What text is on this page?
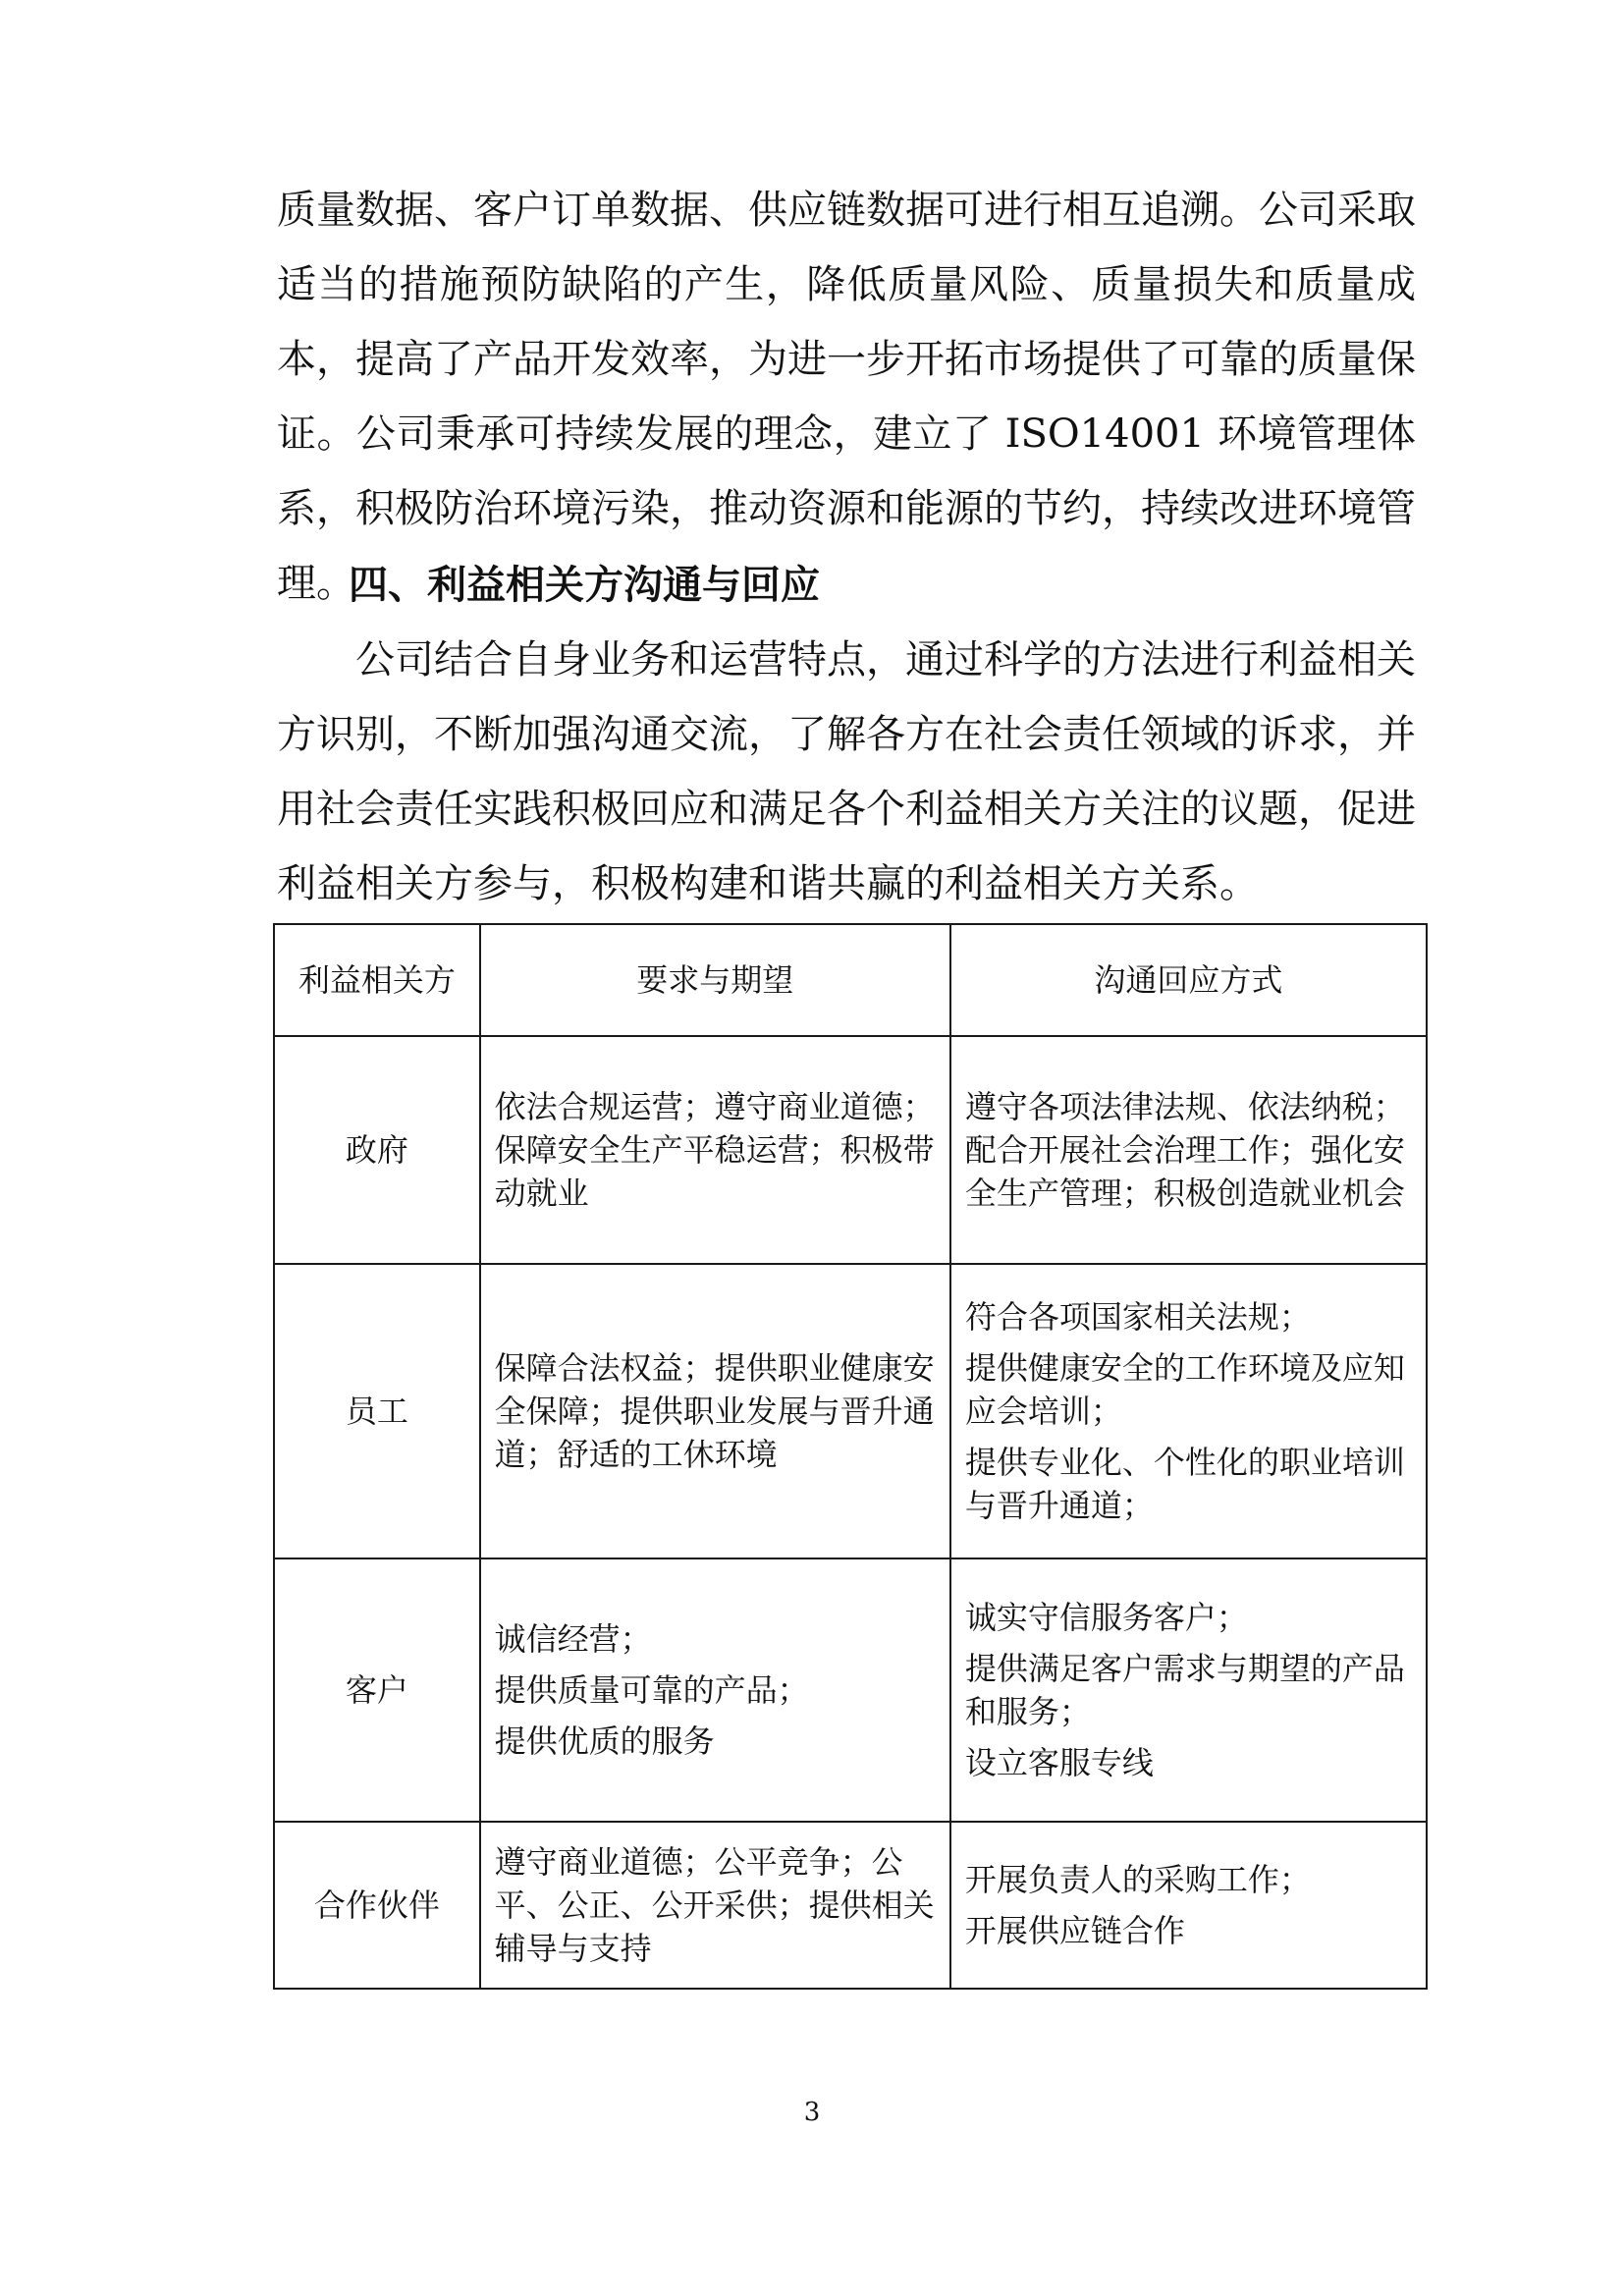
质量数据、客户订单数据、供应链数据可进行相互追溯。公司采取适当的措施预防缺陷的产生，降低质量风险、质量损失和质量成本，提高了产品开发效率，为进一步开拓市场提供了可靠的质量保证。公司秉承可持续发展的理念，建立了 ISO14001 环境管理体系，积极防治环境污染，推动资源和能源的节约，持续改进环境管理。

四、利益相关方沟通与回应

公司结合自身业务和运营特点，通过科学的方法进行利益相关方识别，不断加强沟通交流，了解各方在社会责任领域的诉求，并用社会责任实践积极回应和满足各个利益相关方关注的议题，促进利益相关方参与，积极构建和谐共赢的利益相关方关系。

利益相关方	要求与期望	沟通回应方式
政府	依法合规运营；遵守商业道德；保障安全生产平稳运营；积极带动就业	遵守各项法律法规、依法纳税；配合开展社会治理工作；强化安全生产管理；积极创造就业机会

员工	保障合法权益；提供职业健康安全保障；提供职业发展与晋升通道；舒适的工休环境	符合各项国家相关法规；
提供健康安全的工作环境及应知应会培训；
提供专业化、个性化的职业培训与晋升通道；

客户	诚信经营；
提供质量可靠的产品；
提供优质的服务	诚实守信服务客户；
提供满足客户需求与期望的产品和服务；
设立客服专线

合作伙伴	遵守商业道德；公平竞争；公平、公正、公开采供；提供相关辅导与支持	开展负责人的采购工作；
开展供应链合作
3
